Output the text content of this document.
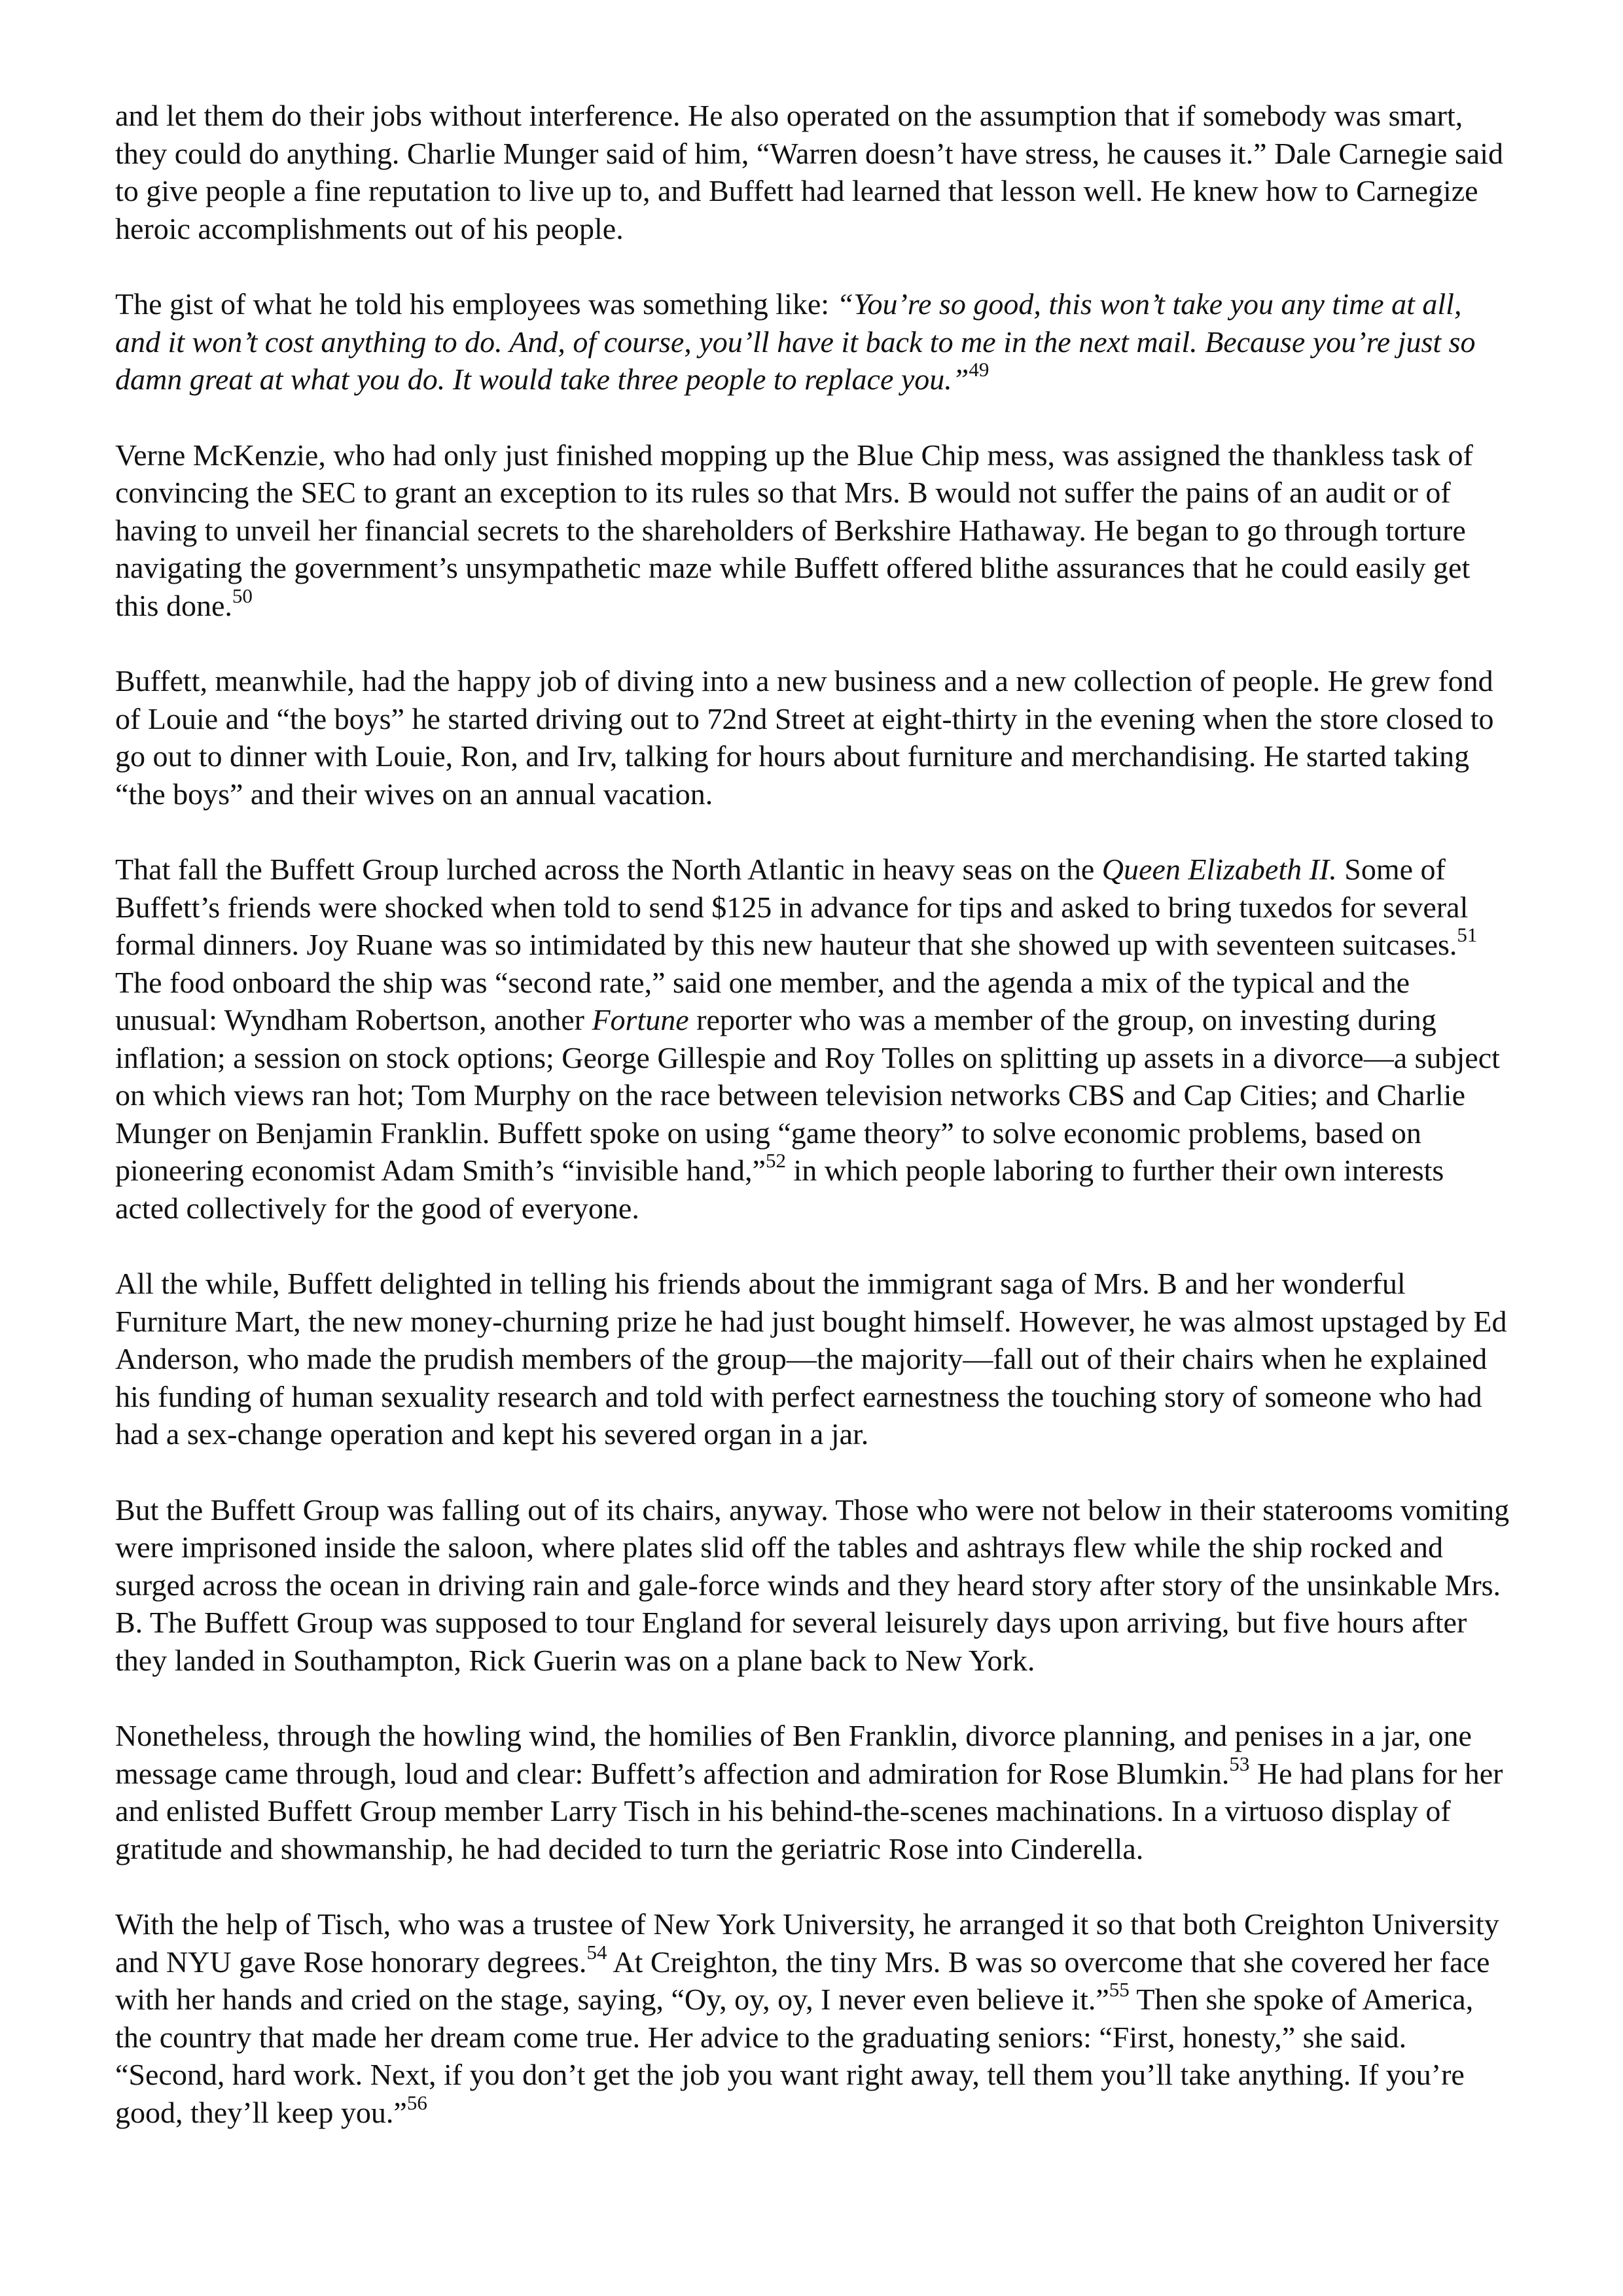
and let them do their jobs without interference. He also operated on the assumption that if somebody was smart, they could do anything. Charlie Munger said of him, “Warren doesn’t have stress, he causes it.” Dale Carnegie said to give people a fine reputation to live up to, and Buffett had learned that lesson well. He knew how to Carnegize heroic accomplishments out of his people.

The gist of what he told his employees was something like: “You’re so good, this won’t take you any time at all, and it won’t cost anything to do. And, of course, you’ll have it back to me in the next mail. Because you’re just so damn great at what you do. It would take three people to replace you.”$^{49}$

Verne McKenzie, who had only just finished mopping up the Blue Chip mess, was assigned the thankless task of convincing the SEC to grant an exception to its rules so that Mrs. B would not suffer the pains of an audit or of having to unveil her financial secrets to the shareholders of Berkshire Hathaway. He began to go through torture navigating the government’s unsympathetic maze while Buffett offered blithe assurances that he could easily get this done.$^{50}$

Buffett, meanwhile, had the happy job of diving into a new business and a new collection of people. He grew fond of Louie and “the boys” he started driving out to 72nd Street at eight-thirty in the evening when the store closed to go out to dinner with Louie, Ron, and Irv, talking for hours about furniture and merchandising. He started taking “the boys” and their wives on an annual vacation.

That fall the Buffett Group lurched across the North Atlantic in heavy seas on the Queen Elizabeth II. Some of Buffett’s friends were shocked when told to send $125 in advance for tips and asked to bring tuxedos for several formal dinners. Joy Ruane was so intimidated by this new hauteur that she showed up with seventeen suitcases.$^{51}$ The food onboard the ship was “second rate,” said one member, and the agenda a mix of the typical and the unusual: Wyndham Robertson, another Fortune reporter who was a member of the group, on investing during inflation; a session on stock options; George Gillespie and Roy Tolles on splitting up assets in a divorce—a subject on which views ran hot; Tom Murphy on the race between television networks CBS and Cap Cities; and Charlie Munger on Benjamin Franklin. Buffett spoke on using “game theory” to solve economic problems, based on pioneering economist Adam Smith’s “invisible hand,”$^{52}$ in which people laboring to further their own interests acted collectively for the good of everyone.

All the while, Buffett delighted in telling his friends about the immigrant saga of Mrs. B and her wonderful Furniture Mart, the new money-churning prize he had just bought himself. However, he was almost upstaged by Ed Anderson, who made the prudish members of the group—the majority—fall out of their chairs when he explained his funding of human sexuality research and told with perfect earnestness the touching story of someone who had had a sex-change operation and kept his severed organ in a jar.

But the Buffett Group was falling out of its chairs, anyway. Those who were not below in their staterooms vomiting were imprisoned inside the saloon, where plates slid off the tables and ashtrays flew while the ship rocked and surged across the ocean in driving rain and gale-force winds and they heard story after story of the unsinkable Mrs. B. The Buffett Group was supposed to tour England for several leisurely days upon arriving, but five hours after they landed in Southampton, Rick Guerin was on a plane back to New York.

Nonetheless, through the howling wind, the homilies of Ben Franklin, divorce planning, and penises in a jar, one message came through, loud and clear: Buffett’s affection and admiration for Rose Blumkin.$^{53}$ He had plans for her and enlisted Buffett Group member Larry Tisch in his behind-the-scenes machinations. In a virtuoso display of gratitude and showmanship, he had decided to turn the geriatric Rose into Cinderella.

With the help of Tisch, who was a trustee of New York University, he arranged it so that both Creighton University and NYU gave Rose honorary degrees.$^{54}$ At Creighton, the tiny Mrs. B was so overcome that she covered her face with her hands and cried on the stage, saying, “Oy, oy, oy, I never even believe it.”$^{55}$ Then she spoke of America, the country that made her dream come true. Her advice to the graduating seniors: “First, honesty,” she said. “Second, hard work. Next, if you don’t get the job you want right away, tell them you’ll take anything. If you’re good, they’ll keep you.”$^{56}$
